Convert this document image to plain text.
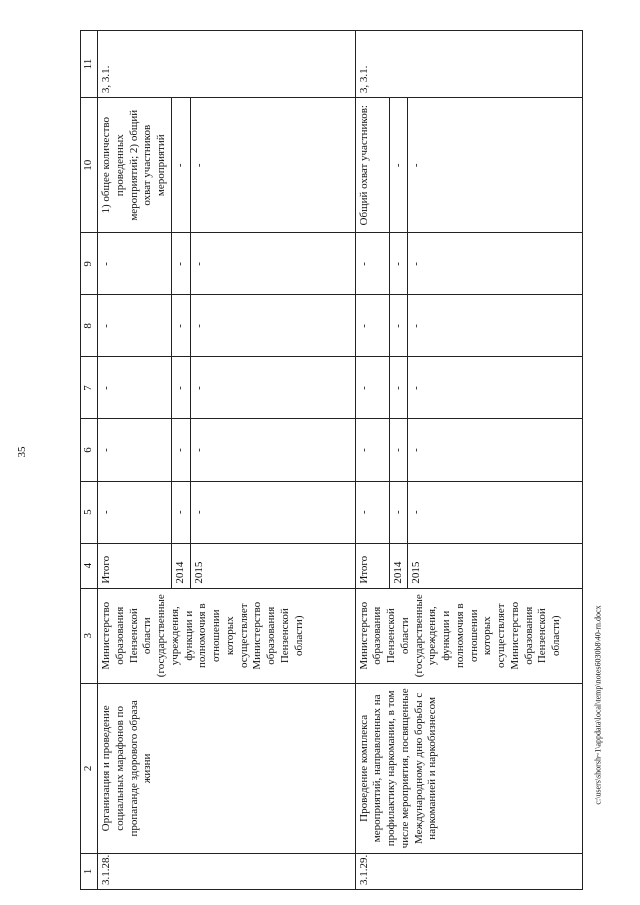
35
1	2	3	4	5	6	7	8	9	10	11
3.1.28.	Организация и проведение социальных марафонов по пропаганде здорового образа жизни	Министерство образования Пензенской области (государственные учреждения, функции и полномочия в отношении которых осуществляет Министерство образования Пензенской области)	Итого	-	-	-	-	-	1) общее количество проведенных мероприятий; 2) общий охват участников мероприятий	3, 3.1.
			2014	-	-	-	-	-	-	
			2015	-	-	-	-	-	-	
3.1.29.	Проведение комплекса мероприятий, направленных на профилактику наркомании, в том числе мероприятия, посвященные Международному дню борьбы с наркоманией и наркобизнесом	Министерство образования Пензенской области (государственные учреждения, функции и полномочия в отношении которых осуществляет Министерство образования Пензенской области)	Итого	-	-	-	-	-	Общий охват участников:	3, 3.1.
			2014	-	-	-	-	-	-	
			2015	-	-	-	-	-	-	
c:\users\shorsh~1\appdata\local\temp\notes6030b8\40-rn.docx
